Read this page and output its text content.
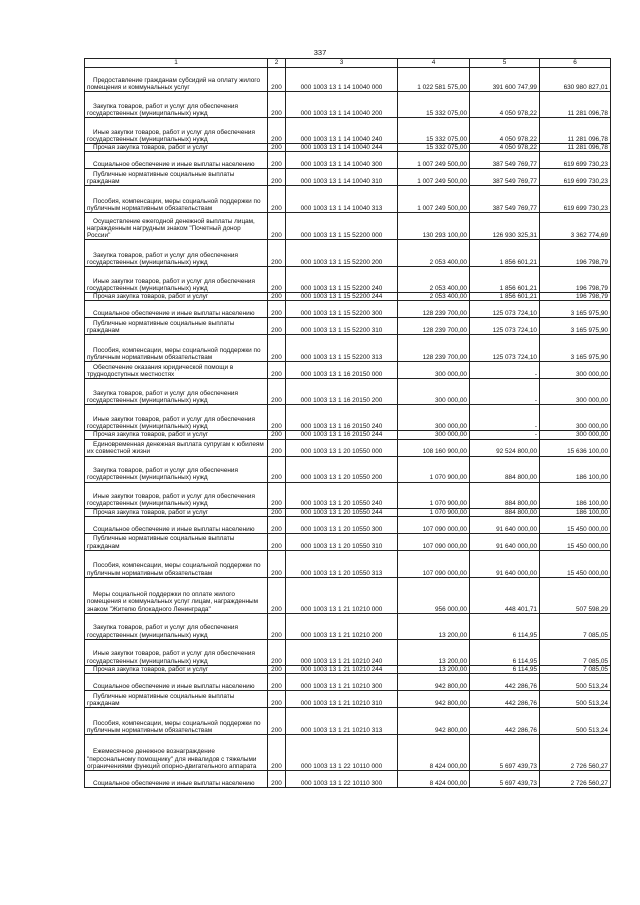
337
1	2	3	4	5	6
Предоставление гражданам субсидий на оплату жилого помещения и коммунальных услуг	200	000 1003 13 1 14 10040 000	1 022 581 575,00	391 600 747,99	630 980 827,01
Закупка товаров, работ и услуг для обеспечения государственных (муниципальных) нужд	200	000 1003 13 1 14 10040 200	15 332 075,00	4 050 978,22	11 281 096,78
Иные закупки товаров, работ и услуг для обеспечения государственных (муниципальных) нужд	200	000 1003 13 1 14 10040 240	15 332 075,00	4 050 978,22	11 281 096,78
Прочая закупка товаров, работ и услуг	200	000 1003 13 1 14 10040 244	15 332 075,00	4 050 978,22	11 281 096,78
Социальное обеспечение и иные выплаты населению	200	000 1003 13 1 14 10040 300	1 007 249 500,00	387 549 769,77	619 699 730,23
Публичные нормативные социальные выплаты гражданам	200	000 1003 13 1 14 10040 310	1 007 249 500,00	387 549 769,77	619 699 730,23
Пособия, компенсации, меры социальной поддержки по публичным нормативным обязательствам	200	000 1003 13 1 14 10040 313	1 007 249 500,00	387 549 769,77	619 699 730,23
Осуществление ежегодной денежной выплаты лицам, награжденным нагрудным знаком "Почетный донор России"	200	000 1003 13 1 15 52200 000	130 293 100,00	126 930 325,31	3 362 774,69
Закупка товаров, работ и услуг для обеспечения государственных (муниципальных) нужд	200	000 1003 13 1 15 52200 200	2 053 400,00	1 856 601,21	196 798,79
Иные закупки товаров, работ и услуг для обеспечения государственных (муниципальных) нужд	200	000 1003 13 1 15 52200 240	2 053 400,00	1 856 601,21	196 798,79
Прочая закупка товаров, работ и услуг	200	000 1003 13 1 15 52200 244	2 053 400,00	1 856 601,21	196 798,79
Социальное обеспечение и иные выплаты населению	200	000 1003 13 1 15 52200 300	128 239 700,00	125 073 724,10	3 165 975,90
Публичные нормативные социальные выплаты гражданам	200	000 1003 13 1 15 52200 310	128 239 700,00	125 073 724,10	3 165 975,90
Пособия, компенсации, меры социальной поддержки по публичным нормативным обязательствам	200	000 1003 13 1 15 52200 313	128 239 700,00	125 073 724,10	3 165 975,90
Обеспечение оказания юридической помощи в труднодоступных местностях	200	000 1003 13 1 16 20150 000	300 000,00	-	300 000,00
Закупка товаров, работ и услуг для обеспечения государственных (муниципальных) нужд	200	000 1003 13 1 16 20150 200	300 000,00	-	300 000,00
Иные закупки товаров, работ и услуг для обеспечения государственных (муниципальных) нужд	200	000 1003 13 1 16 20150 240	300 000,00	-	300 000,00
Прочая закупка товаров, работ и услуг	200	000 1003 13 1 16 20150 244	300 000,00	-	300 000,00
Единовременная денежная выплата супругам к юбилеям их совместной жизни	200	000 1003 13 1 20 10550 000	108 160 900,00	92 524 800,00	15 636 100,00
Закупка товаров, работ и услуг для обеспечения государственных (муниципальных) нужд	200	000 1003 13 1 20 10550 200	1 070 900,00	884 800,00	186 100,00
Иные закупки товаров, работ и услуг для обеспечения государственных (муниципальных) нужд	200	000 1003 13 1 20 10550 240	1 070 900,00	884 800,00	186 100,00
Прочая закупка товаров, работ и услуг	200	000 1003 13 1 20 10550 244	1 070 900,00	884 800,00	186 100,00
Социальное обеспечение и иные выплаты населению	200	000 1003 13 1 20 10550 300	107 090 000,00	91 640 000,00	15 450 000,00
Публичные нормативные социальные выплаты гражданам	200	000 1003 13 1 20 10550 310	107 090 000,00	91 640 000,00	15 450 000,00
Пособия, компенсации, меры социальной поддержки по публичным нормативным обязательствам	200	000 1003 13 1 20 10550 313	107 090 000,00	91 640 000,00	15 450 000,00
Меры социальной поддержки по оплате жилого помещения и коммунальных услуг лицам, награжденным знаком "Жителю блокадного Ленинграда"	200	000 1003 13 1 21 10210 000	956 000,00	448 401,71	507 598,29
Закупка товаров, работ и услуг для обеспечения государственных (муниципальных) нужд	200	000 1003 13 1 21 10210 200	13 200,00	6 114,95	7 085,05
Иные закупки товаров, работ и услуг для обеспечения государственных (муниципальных) нужд	200	000 1003 13 1 21 10210 240	13 200,00	6 114,95	7 085,05
Прочая закупка товаров, работ и услуг	200	000 1003 13 1 21 10210 244	13 200,00	6 114,95	7 085,05
Социальное обеспечение и иные выплаты населению	200	000 1003 13 1 21 10210 300	942 800,00	442 286,76	500 513,24
Публичные нормативные социальные выплаты гражданам	200	000 1003 13 1 21 10210 310	942 800,00	442 286,76	500 513,24
Пособия, компенсации, меры социальной поддержки по публичным нормативным обязательствам	200	000 1003 13 1 21 10210 313	942 800,00	442 286,76	500 513,24
Ежемесячное денежное вознаграждение "персональному помощнику" для инвалидов с тяжелыми ограничениями функций опорно-двигательного аппарата	200	000 1003 13 1 22 10110 000	8 424 000,00	5 697 439,73	2 726 560,27
Социальное обеспечение и иные выплаты населению	200	000 1003 13 1 22 10110 300	8 424 000,00	5 697 439,73	2 726 560,27
